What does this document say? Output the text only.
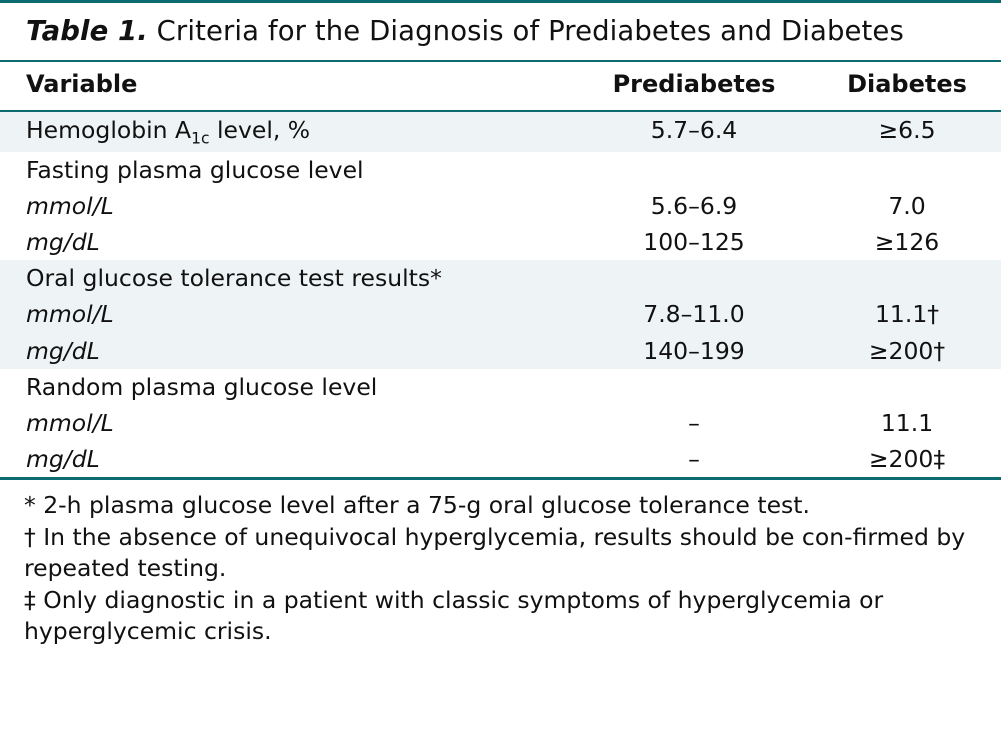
Table 1. Criteria for the Diagnosis of Prediabetes and Diabetes
Variable	Prediabetes	Diabetes
Hemoglobin $A_{1c}$ level, %	5.7–6.4	≥6.5
Fasting plasma glucose level		
mmol/L	5.6–6.9	7.0
mg/dL	100–125	≥126
Oral glucose tolerance test results*		
mmol/L	7.8–11.0	11.1†
mg/dL	140–199	≥200†
Random plasma glucose level		
mmol/L	–	11.1
mg/dL	–	≥200‡

* 2-h plasma glucose level after a 75-g oral glucose tolerance test.

† In the absence of unequivocal hyperglycemia, results should be con-firmed by repeated testing.

‡ Only diagnostic in a patient with classic symptoms of hyperglycemia or hyperglycemic crisis.
